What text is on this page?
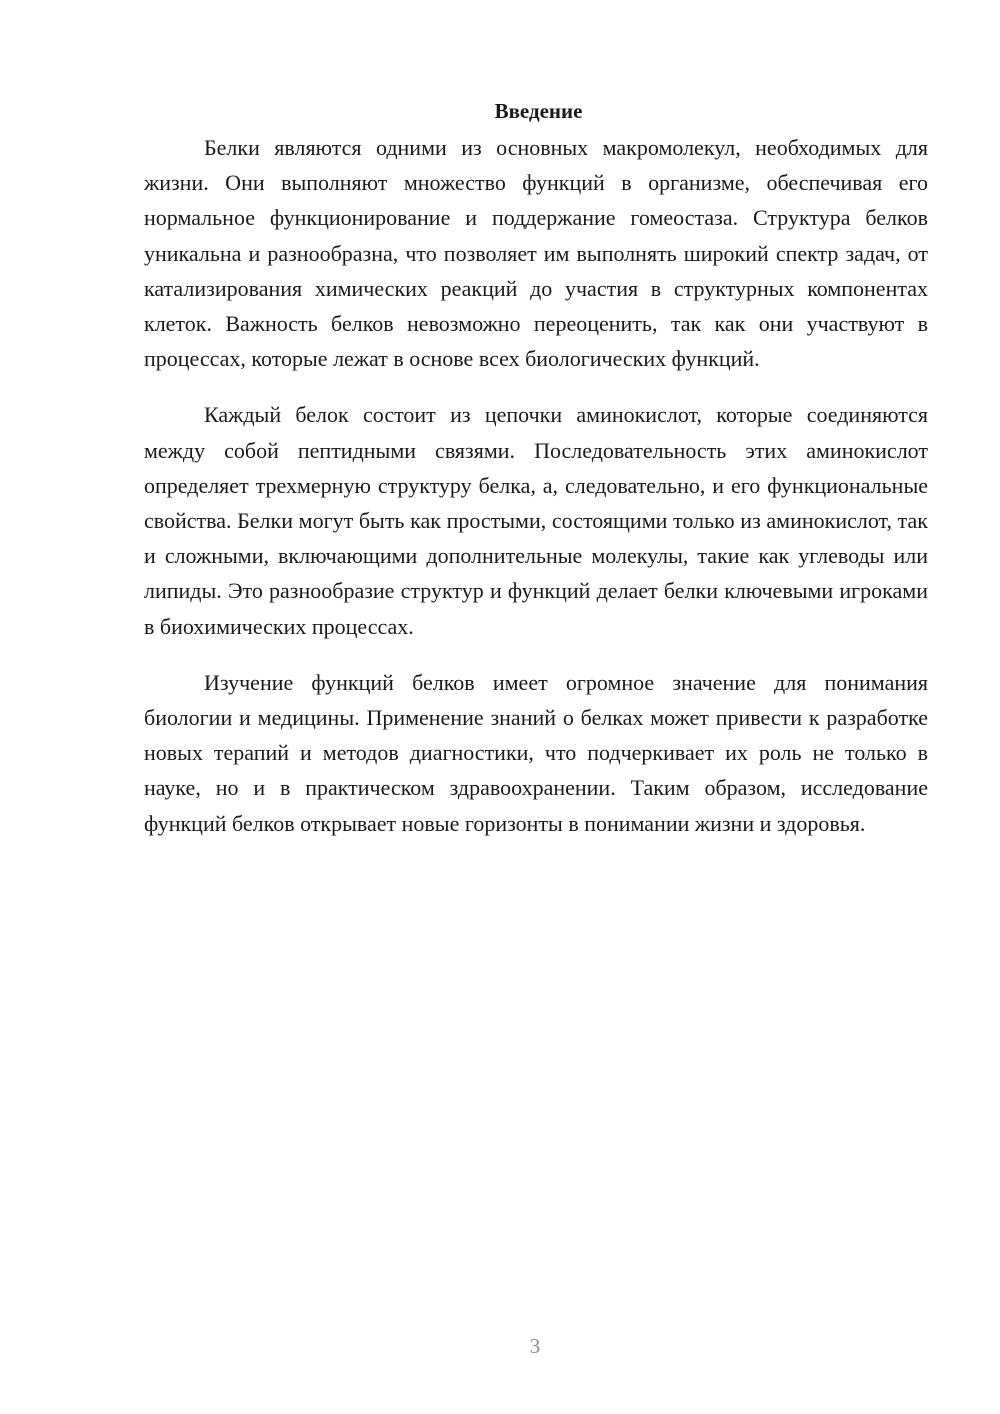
Введение

Белки являются одними из основных макромолекул, необходимых для жизни. Они выполняют множество функций в организме, обеспечивая его нормальное функционирование и поддержание гомеостаза. Структура белков уникальна и разнообразна, что позволяет им выполнять широкий спектр задач, от катализирования химических реакций до участия в структурных компонентах клеток. Важность белков невозможно переоценить, так как они участвуют в процессах, которые лежат в основе всех биологических функций.

Каждый белок состоит из цепочки аминокислот, которые соединяются между собой пептидными связями. Последовательность этих аминокислот определяет трехмерную структуру белка, а, следовательно, и его функциональные свойства. Белки могут быть как простыми, состоящими только из аминокислот, так и сложными, включающими дополнительные молекулы, такие как углеводы или липиды. Это разнообразие структур и функций делает белки ключевыми игроками в биохимических процессах.

Изучение функций белков имеет огромное значение для понимания биологии и медицины. Применение знаний о белках может привести к разработке новых терапий и методов диагностики, что подчеркивает их роль не только в науке, но и в практическом здравоохранении. Таким образом, исследование функций белков открывает новые горизонты в понимании жизни и здоровья.

3
